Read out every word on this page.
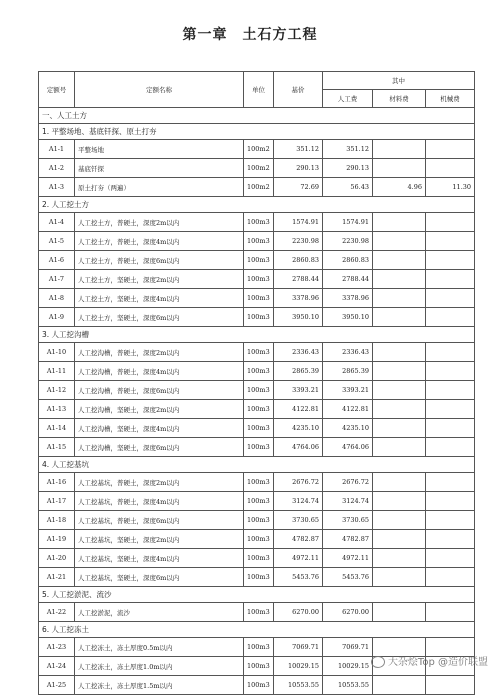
第一章　土石方工程
定额号	定额名称	单位	基价	其中		
				人工费	材料费	机械费
一、人工土方						
1. 平整场地、基底钎探、原土打夯						
A1-1	平整场地	100m2	351.12	351.12		
A1-2	基底钎探	100m2	290.13	290.13		
A1-3	原土打夯（两遍）	100m2	72.69	56.43	4.96	11.30
2. 人工挖土方						
A1-4	人工挖土方，普硬土，深度2m以内	100m3	1574.91	1574.91		
A1-5	人工挖土方，普硬土，深度4m以内	100m3	2230.98	2230.98		
A1-6	人工挖土方，普硬土，深度6m以内	100m3	2860.83	2860.83		
A1-7	人工挖土方，坚硬土，深度2m以内	100m3	2788.44	2788.44		
A1-8	人工挖土方，坚硬土，深度4m以内	100m3	3378.96	3378.96		
A1-9	人工挖土方，坚硬土，深度6m以内	100m3	3950.10	3950.10		
3. 人工挖沟槽						
A1-10	人工挖沟槽，普硬土，深度2m以内	100m3	2336.43	2336.43		
A1-11	人工挖沟槽，普硬土，深度4m以内	100m3	2865.39	2865.39		
A1-12	人工挖沟槽，普硬土，深度6m以内	100m3	3393.21	3393.21		
A1-13	人工挖沟槽，坚硬土，深度2m以内	100m3	4122.81	4122.81		
A1-14	人工挖沟槽，坚硬土，深度4m以内	100m3	4235.10	4235.10		
A1-15	人工挖沟槽，坚硬土，深度6m以内	100m3	4764.06	4764.06		
4. 人工挖基坑						
A1-16	人工挖基坑，普硬土，深度2m以内	100m3	2676.72	2676.72		
A1-17	人工挖基坑，普硬土，深度4m以内	100m3	3124.74	3124.74		
A1-18	人工挖基坑，普硬土，深度6m以内	100m3	3730.65	3730.65		
A1-19	人工挖基坑，坚硬土，深度2m以内	100m3	4782.87	4782.87		
A1-20	人工挖基坑，坚硬土，深度4m以内	100m3	4972.11	4972.11		
A1-21	人工挖基坑，坚硬土，深度6m以内	100m3	5453.76	5453.76		
5. 人工挖淤泥、流沙						
A1-22	人工挖淤泥，流沙	100m3	6270.00	6270.00		
6. 人工挖冻土						
A1-23	人工挖冻土，冻土厚度0.5m以内	100m3	7069.71	7069.71		
A1-24	人工挖冻土，冻土厚度1.0m以内	100m3	10029.15	10029.15		
A1-25	人工挖冻土，冻土厚度1.5m以内	100m3	10553.55	10553.55		
大杂烩Top @造价联盟
